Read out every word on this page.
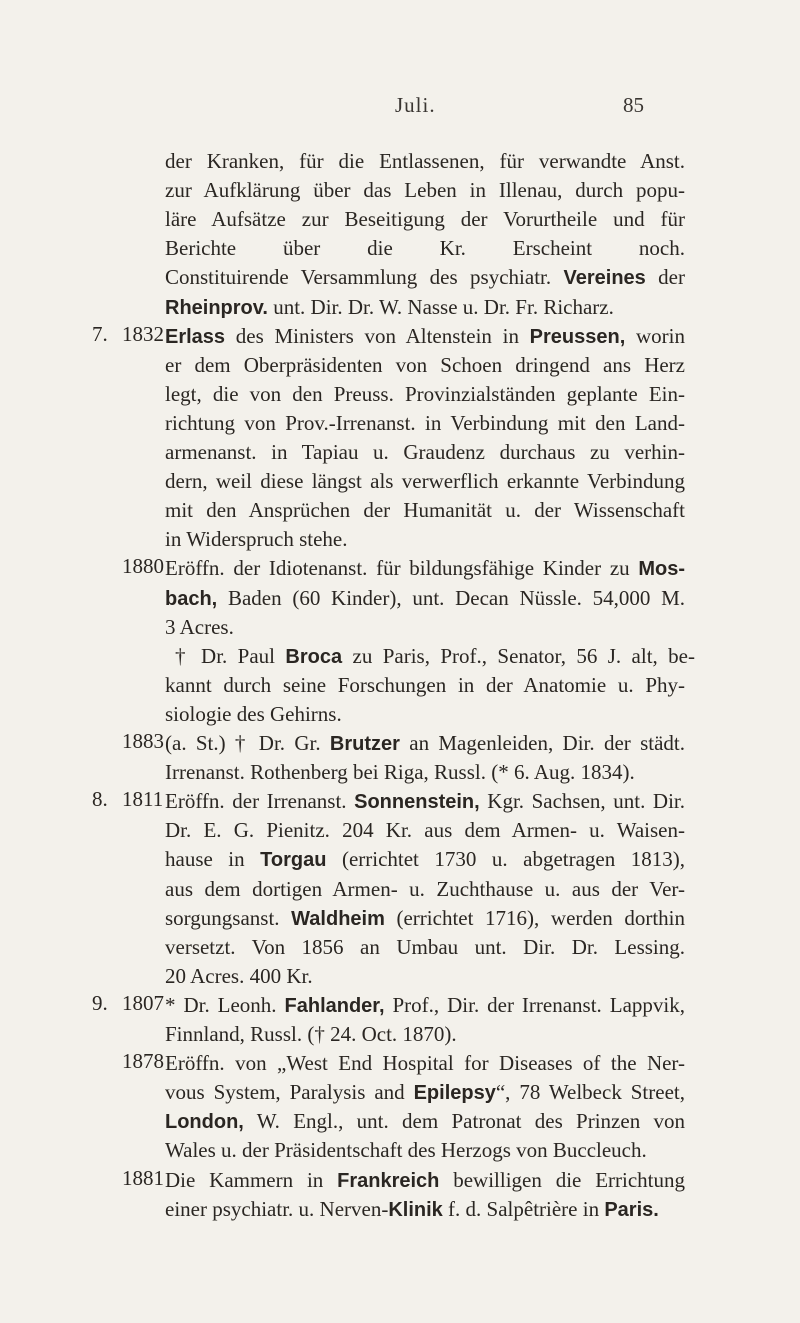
Juli.	85
der Kranken, für die Entlassenen, für verwandte Anst.
zur Aufklärung über das Leben in Illenau, durch popu-
läre Aufsätze zur Beseitigung der Vorurtheile und für
Berichte über die Kr. Erscheint noch.
Constituirende Versammlung des psychiatr. Vereines der
Rheinprov. unt. Dir. Dr. W. Nasse u. Dr. Fr. Richarz.
7. 1832 Erlass des Ministers von Altenstein in Preussen, worin
er dem Oberpräsidenten von Schoen dringend ans Herz
legt, die von den Preuss. Provinzialständen geplante Ein-
richtung von Prov.-Irrenanst. in Verbindung mit den Land-
armenanst. in Tapiau u. Graudenz durchaus zu verhin-
dern, weil diese längst als verwerflich erkannte Verbindung
mit den Ansprüchen der Humanität u. der Wissenschaft
in Widerspruch stehe.
1880 Eröffn. der Idiotenanst. für bildungsfähige Kinder zu Mos-
bach, Baden (60 Kinder), unt. Decan Nüssle. 54,000 M.
3 Acres.
† Dr. Paul Broca zu Paris, Prof., Senator, 56 J. alt, be-
kannt durch seine Forschungen in der Anatomie u. Phy-
siologie des Gehirns.
1883 (a. St.) † Dr. Gr. Brutzer an Magenleiden, Dir. der städt.
Irrenanst. Rothenberg bei Riga, Russl. (* 6. Aug. 1834).
8. 1811 Eröffn. der Irrenanst. Sonnenstein, Kgr. Sachsen, unt. Dir.
Dr. E. G. Pienitz. 204 Kr. aus dem Armen- u. Waisen-
hause in Torgau (errichtet 1730 u. abgetragen 1813),
aus dem dortigen Armen- u. Zuchthause u. aus der Ver-
sorgungsanst. Waldheim (errichtet 1716), werden dorthin
versetzt. Von 1856 an Umbau unt. Dir. Dr. Lessing.
20 Acres. 400 Kr.
9. 1807 * Dr. Leonh. Fahlander, Prof., Dir. der Irrenanst. Lappvik,
Finnland, Russl. († 24. Oct. 1870).
1878 Eröffn. von „West End Hospital for Diseases of the Ner-
vous System, Paralysis and Epilepsy“, 78 Welbeck Street,
London, W. Engl., unt. dem Patronat des Prinzen von
Wales u. der Präsidentschaft des Herzogs von Buccleuch.
1881 Die Kammern in Frankreich bewilligen die Errichtung
einer psychiatr. u. Nerven-Klinik f. d. Salpêtrière in Paris.
